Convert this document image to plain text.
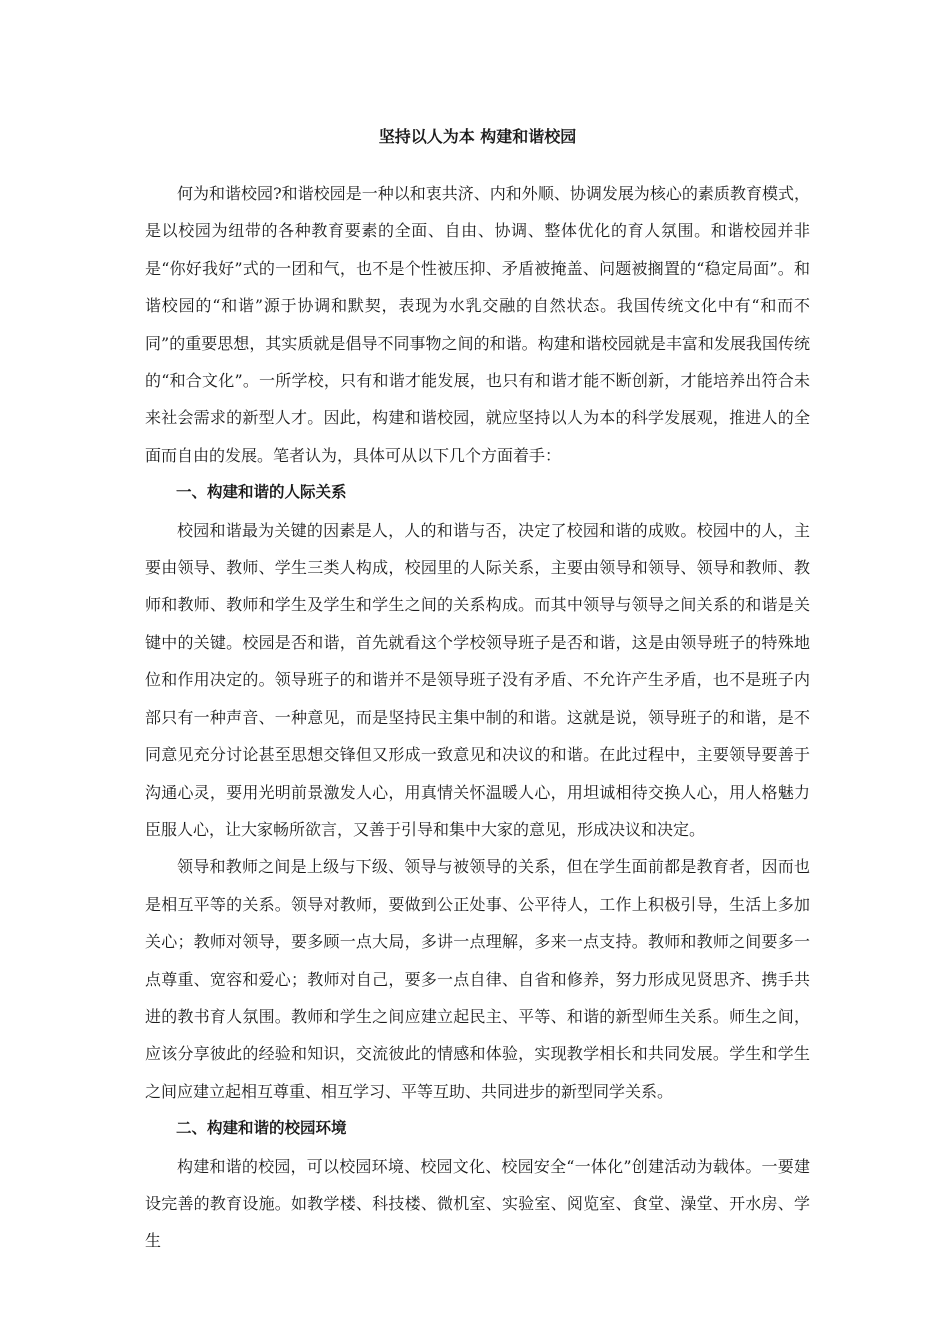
坚持以人为本 构建和谐校园

何为和谐校园?和谐校园是一种以和衷共济、内和外顺、协调发展为核心的素质教育模式，是以校园为纽带的各种教育要素的全面、自由、协调、整体优化的育人氛围。和谐校园并非是“你好我好”式的一团和气，也不是个性被压抑、矛盾被掩盖、问题被搁置的“稳定局面”。和谐校园的“和谐”源于协调和默契，表现为水乳交融的自然状态。我国传统文化中有“和而不同”的重要思想，其实质就是倡导不同事物之间的和谐。构建和谐校园就是丰富和发展我国传统的“和合文化”。一所学校，只有和谐才能发展，也只有和谐才能不断创新，才能培养出符合未来社会需求的新型人才。因此，构建和谐校园，就应坚持以人为本的科学发展观，推进人的全面而自由的发展。笔者认为，具体可从以下几个方面着手：

一、构建和谐的人际关系

校园和谐最为关键的因素是人，人的和谐与否，决定了校园和谐的成败。校园中的人，主要由领导、教师、学生三类人构成，校园里的人际关系，主要由领导和领导、领导和教师、教师和教师、教师和学生及学生和学生之间的关系构成。而其中领导与领导之间关系的和谐是关键中的关键。校园是否和谐，首先就看这个学校领导班子是否和谐，这是由领导班子的特殊地位和作用决定的。领导班子的和谐并不是领导班子没有矛盾、不允许产生矛盾，也不是班子内部只有一种声音、一种意见，而是坚持民主集中制的和谐。这就是说，领导班子的和谐，是不同意见充分讨论甚至思想交锋但又形成一致意见和决议的和谐。在此过程中，主要领导要善于沟通心灵，要用光明前景激发人心，用真情关怀温暖人心，用坦诚相待交换人心，用人格魅力臣服人心，让大家畅所欲言，又善于引导和集中大家的意见，形成决议和决定。

领导和教师之间是上级与下级、领导与被领导的关系，但在学生面前都是教育者，因而也是相互平等的关系。领导对教师，要做到公正处事、公平待人，工作上积极引导，生活上多加关心；教师对领导，要多顾一点大局，多讲一点理解，多来一点支持。教师和教师之间要多一点尊重、宽容和爱心；教师对自己，要多一点自律、自省和修养，努力形成见贤思齐、携手共进的教书育人氛围。教师和学生之间应建立起民主、平等、和谐的新型师生关系。师生之间，应该分享彼此的经验和知识，交流彼此的情感和体验，实现教学相长和共同发展。学生和学生之间应建立起相互尊重、相互学习、平等互助、共同进步的新型同学关系。

二、构建和谐的校园环境

构建和谐的校园，可以校园环境、校园文化、校园安全“一体化”创建活动为载体。一要建设完善的教育设施。如教学楼、科技楼、微机室、实验室、阅览室、食堂、澡堂、开水房、学生
